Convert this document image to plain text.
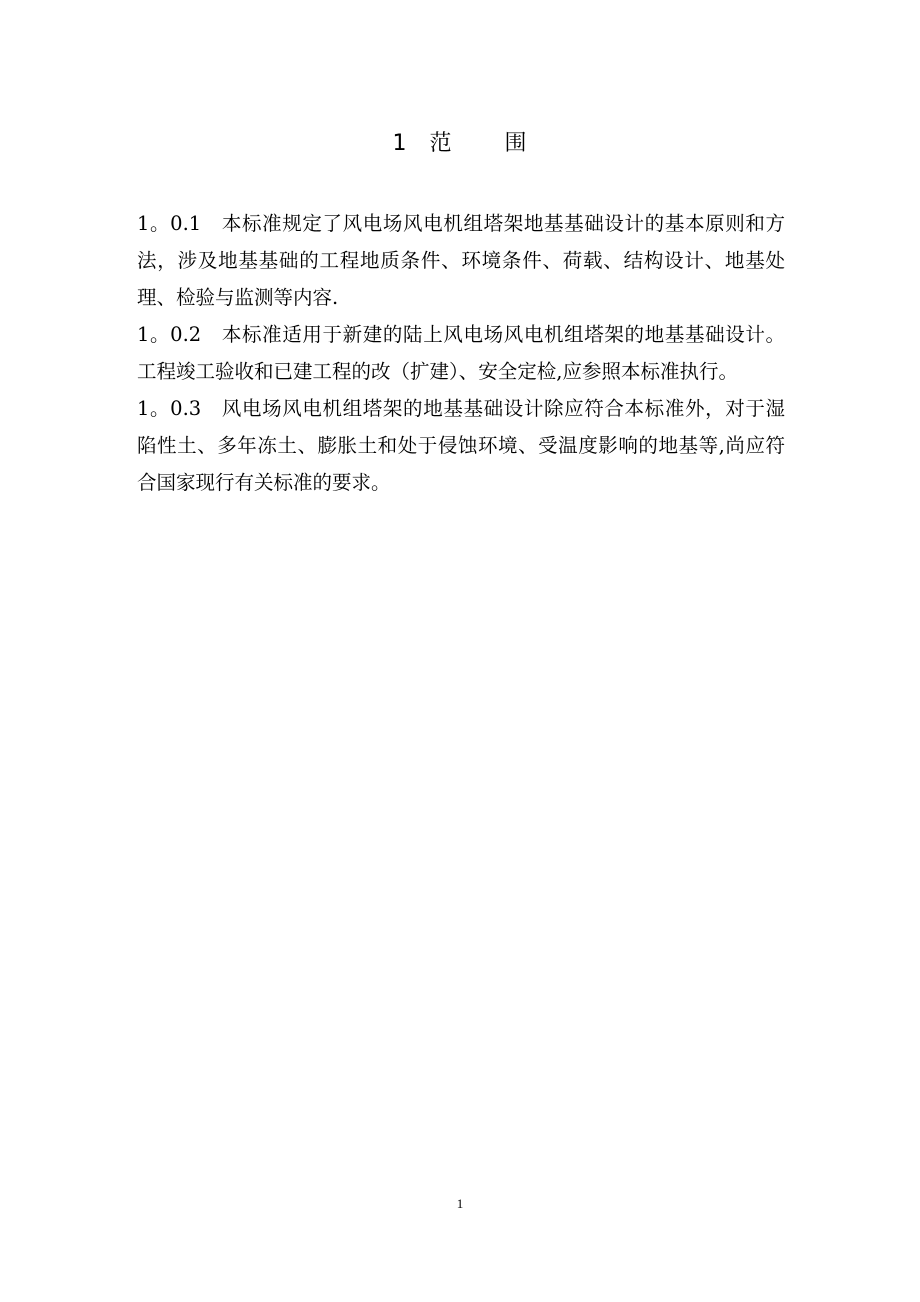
1 范 围

1。0.1 本标准规定了风电场风电机组塔架地基基础设计的基本原则和方法，涉及地基基础的工程地质条件、环境条件、荷载、结构设计、地基处理、检验与监测等内容.

1。0.2 本标准适用于新建的陆上风电场风电机组塔架的地基基础设计。工程竣工验收和已建工程的改（扩建）、安全定检,应参照本标准执行。

1。0.3 风电场风电机组塔架的地基基础设计除应符合本标准外，对于湿陷性土、多年冻土、膨胀土和处于侵蚀环境、受温度影响的地基等,尚应符合国家现行有关标准的要求。

1
